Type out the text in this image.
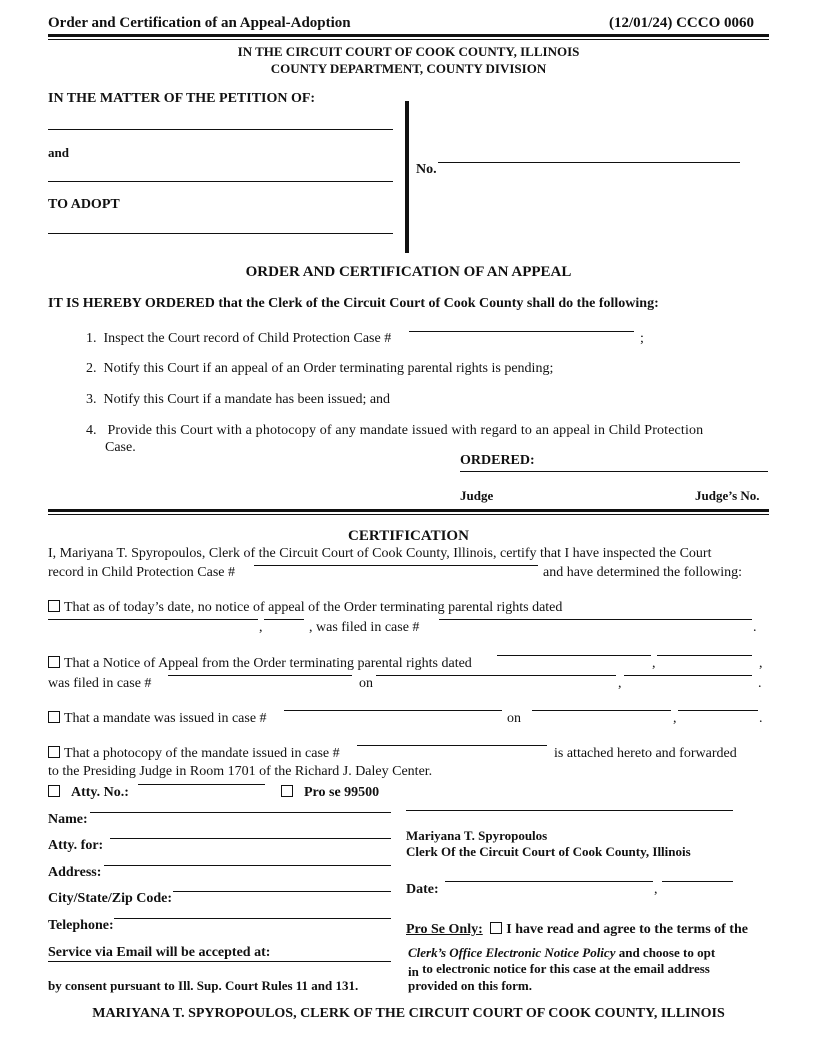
Order and Certification of an Appeal-Adoption	(12/01/24) CCCO 0060
IN THE CIRCUIT COURT OF COOK COUNTY, ILLINOIS
COUNTY DEPARTMENT, COUNTY DIVISION
IN THE MATTER OF THE PETITION OF:
and
TO ADOPT
No.
ORDER AND CERTIFICATION OF AN APPEAL
IT IS HEREBY ORDERED that the Clerk of the Circuit Court of Cook County shall do the following:
1. Inspect the Court record of Child Protection Case #	;
2. Notify this Court if an appeal of an Order terminating parental rights is pending;
3. Notify this Court if a mandate has been issued; and
4. Provide this Court with a photocopy of any mandate issued with regard to an appeal in Child Protection
Case.
ORDERED:
Judge	Judge’s No.
CERTIFICATION
I, Mariyana T. Spyropoulos, Clerk of the Circuit Court of Cook County, Illinois, certify that I have inspected the Court
record in Child Protection Case #	and have determined the following:
That as of today’s date, no notice of appeal of the Order terminating parental rights dated
,	, was filed in case #	.
That a Notice of Appeal from the Order terminating parental rights dated	,	,
was filed in case #	on	,	.
That a mandate was issued in case #	on	,	.
That a photocopy of the mandate issued in case #	is attached hereto and forwarded
to the Presiding Judge in Room 1701 of the Richard J. Daley Center.
Atty. No.:	Pro se 99500
Name:
Atty. for:
Address:
City/State/Zip Code:
Telephone:
Service via Email will be accepted at:
by consent pursuant to Ill. Sup. Court Rules 11 and 131.
Mariyana T. Spyropoulos
Clerk Of the Circuit Court of Cook County, Illinois
Date:	,
Pro Se Only: I have read and agree to the terms of the
Clerk’s Office Electronic Notice Policy and choose to opt
in to electronic notice for this case at the email address
provided on this form.
MARIYANA T. SPYROPOULOS, CLERK OF THE CIRCUIT COURT OF COOK COUNTY, ILLINOIS
